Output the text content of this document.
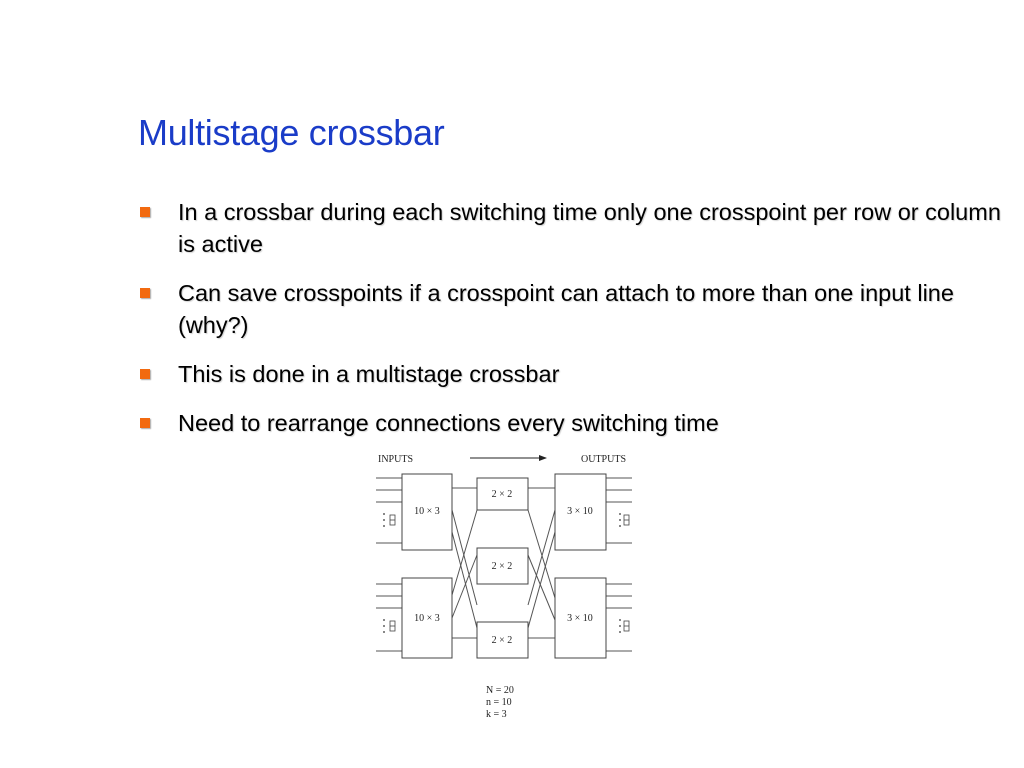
Multistage crossbar
In a crossbar during each switching time only one crosspoint per row or column is active
Can save crosspoints if a crosspoint can attach to more than one input line (why?)
This is done in a multistage crossbar
Need to rearrange connections every switching time
INPUTS	OUTPUTS
10 × 3
10 × 3
2 × 2
2 × 2
2 × 2
3 × 10
3 × 10
N = 20
n = 10
k = 3
